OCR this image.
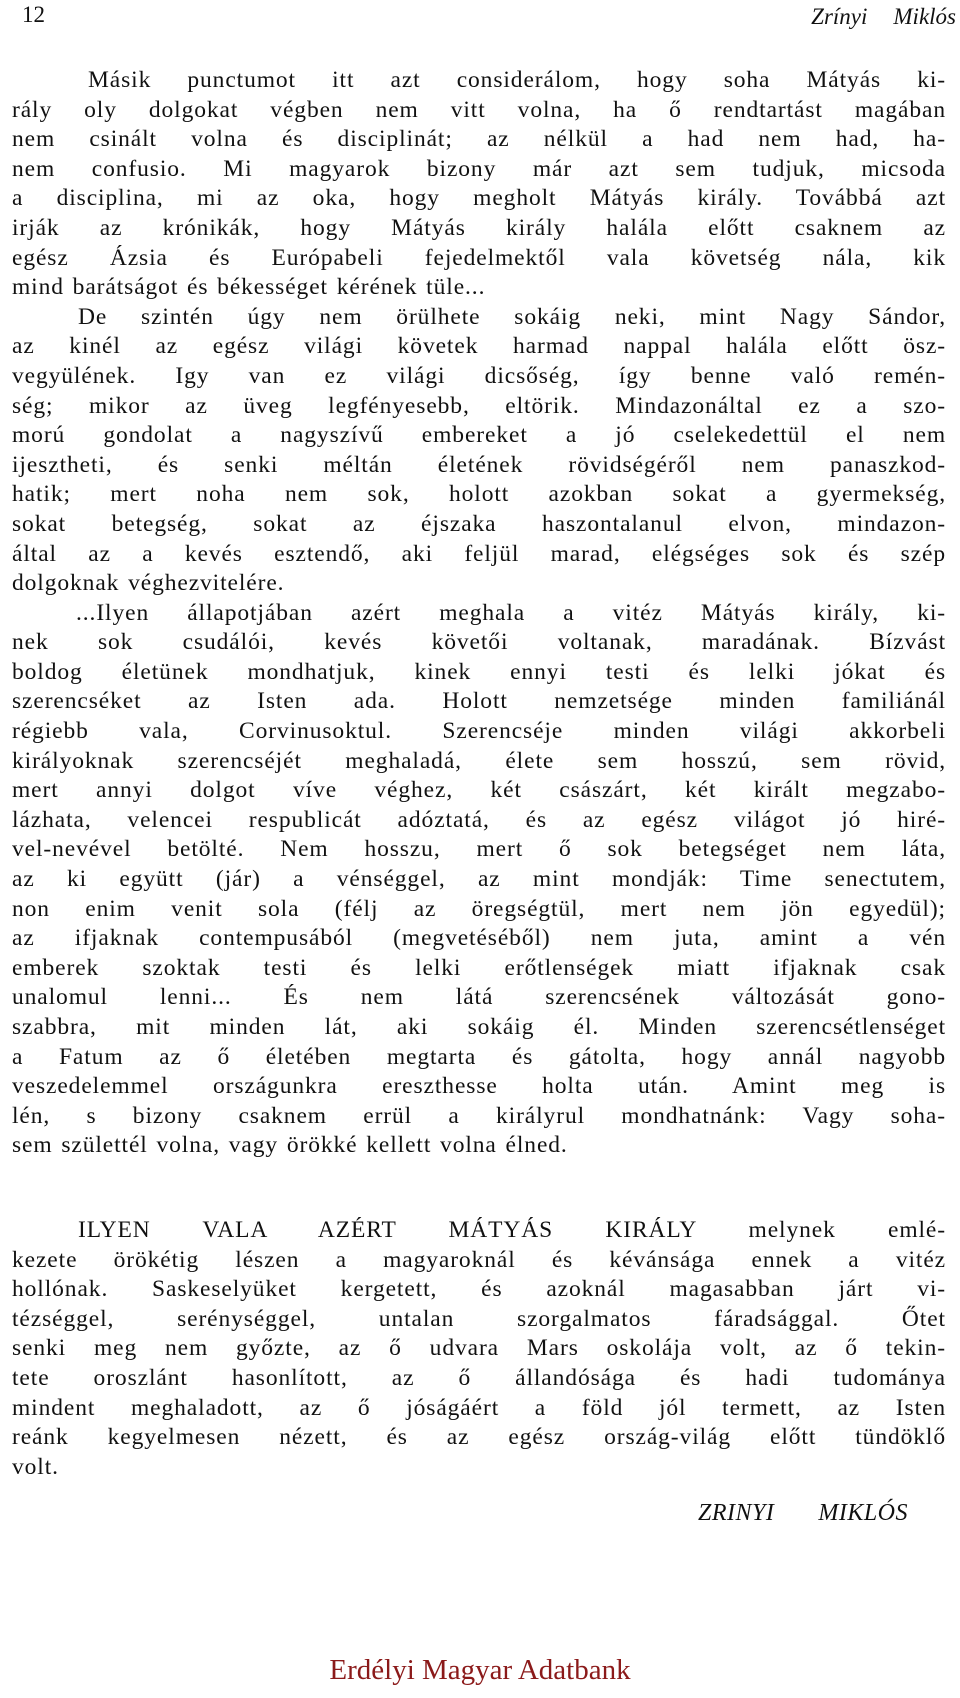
12	Zrínyi Miklós
Másik punctumot itt azt considerálom, hogy soha Mátyás ki-
rály oly dolgokat végben nem vitt volna, ha ő rendtartást magában
nem csinált volna és disciplinát; az nélkül a had nem had, ha-
nem confusio. Mi magyarok bizony már azt sem tudjuk, micsoda
a disciplina, mi az oka, hogy megholt Mátyás király. Továbbá azt
irják az krónikák, hogy Mátyás király halála előtt csaknem az
egész Ázsia és Európabeli fejedelmektől vala követség nála, kik
mind barátságot és békességet kérének tüle...
De szintén úgy nem örülhete sokáig neki, mint Nagy Sándor,
az kinél az egész világi követek harmad nappal halála előtt ösz-
vegyülének. Igy van ez világi dicsőség, így benne való remén-
ség; mikor az üveg legfényesebb, eltörik. Mindazonáltal ez a szo-
morú gondolat a nagyszívű embereket a jó cselekedettül el nem
ijesztheti, és senki méltán életének rövidségéről nem panaszkod-
hatik; mert noha nem sok, holott azokban sokat a gyermekség,
sokat betegség, sokat az éjszaka haszontalanul elvon, mindazon-
által az a kevés esztendő, aki feljül marad, elégséges sok és szép
dolgoknak véghezvitelére.
...Ilyen állapotjában azért meghala a vitéz Mátyás király, ki-
nek sok csudálói, kevés követői voltanak, maradának. Bízvást
boldog életünek mondhatjuk, kinek ennyi testi és lelki jókat és
szerencséket az Isten ada. Holott nemzetsége minden familiánál
régiebb vala, Corvinusoktul. Szerencséje minden világi akkorbeli
királyoknak szerencséjét meghaladá, élete sem hosszú, sem rövid,
mert annyi dolgot víve véghez, két császárt, két királt megzabo-
lázhata, velencei respublicát adóztatá, és az egész világot jó hiré-
vel-nevével betölté. Nem hosszu, mert ő sok betegséget nem láta,
az ki együtt (jár) a vénséggel, az mint mondják: Time senectutem,
non enim venit sola (félj az öregségtül, mert nem jön egyedül);
az ifjaknak contempusából (megvetéséből) nem juta, amint a vén
emberek szoktak testi és lelki erőtlenségek miatt ifjaknak csak
unalomul lenni... És nem látá szerencsének változását gono-
szabbra, mit minden lát, aki sokáig él. Minden szerencsétlenséget
a Fatum az ő életében megtarta és gátolta, hogy annál nagyobb
veszedelemmel országunkra ereszthesse holta után. Amint meg is
lén, s bizony csaknem errül a királyrul mondhatnánk: Vagy soha-
sem születtél volna, vagy örökké kellett volna élned.
ILYEN VALA AZÉRT MÁTYÁS KIRÁLY melynek emlé-
kezete örökétig lészen a magyaroknál és kévánsága ennek a vitéz
hollónak. Saskeselyüket kergetett, és azoknál magasabban járt vi-
tézséggel, serénységgel, untalan szorgalmatos fáradsággal. Őtet
senki meg nem győzte, az ő udvara Mars oskolája volt, az ő tekin-
tete oroszlánt hasonlított, az ő állandósága és hadi tudománya
mindent meghaladott, az ő jóságáért a föld jól termett, az Isten
reánk kegyelmesen nézett, és az egész ország-világ előtt tündöklő
volt.
ZRINYI MIKLÓS
Erdélyi Magyar Adatbank
